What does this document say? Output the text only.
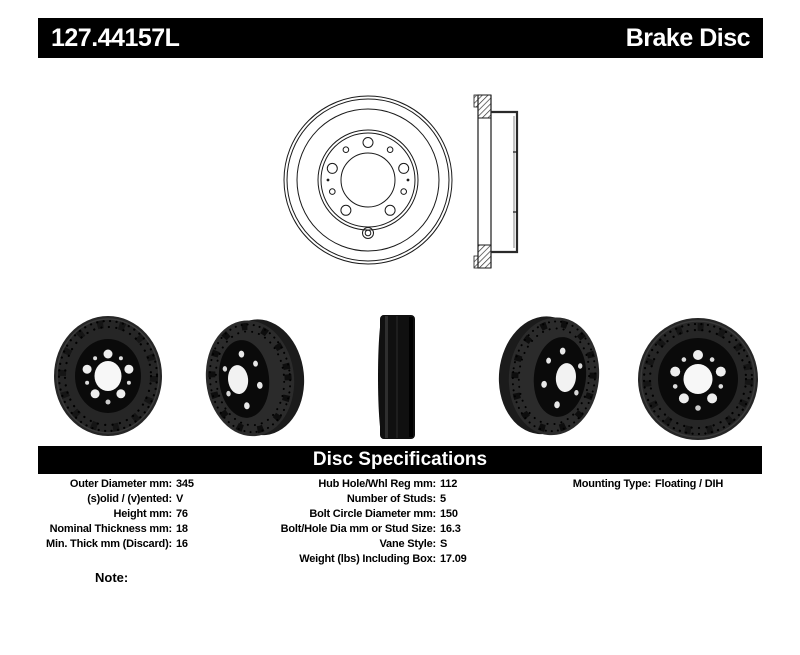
127.44157L	Brake Disc
Disc Specifications
Outer Diameter mm: 345
(s)olid / (v)ented: V
Height mm: 76
Nominal Thickness mm: 18
Min. Thick mm (Discard): 16
Hub Hole/Whl Reg mm: 112
Number of Studs: 5
Bolt Circle Diameter mm: 150
Bolt/Hole Dia mm or Stud Size: 16.3
Vane Style: S
Weight (lbs) Including Box: 17.09
Mounting Type: Floating / DIH
Note:
